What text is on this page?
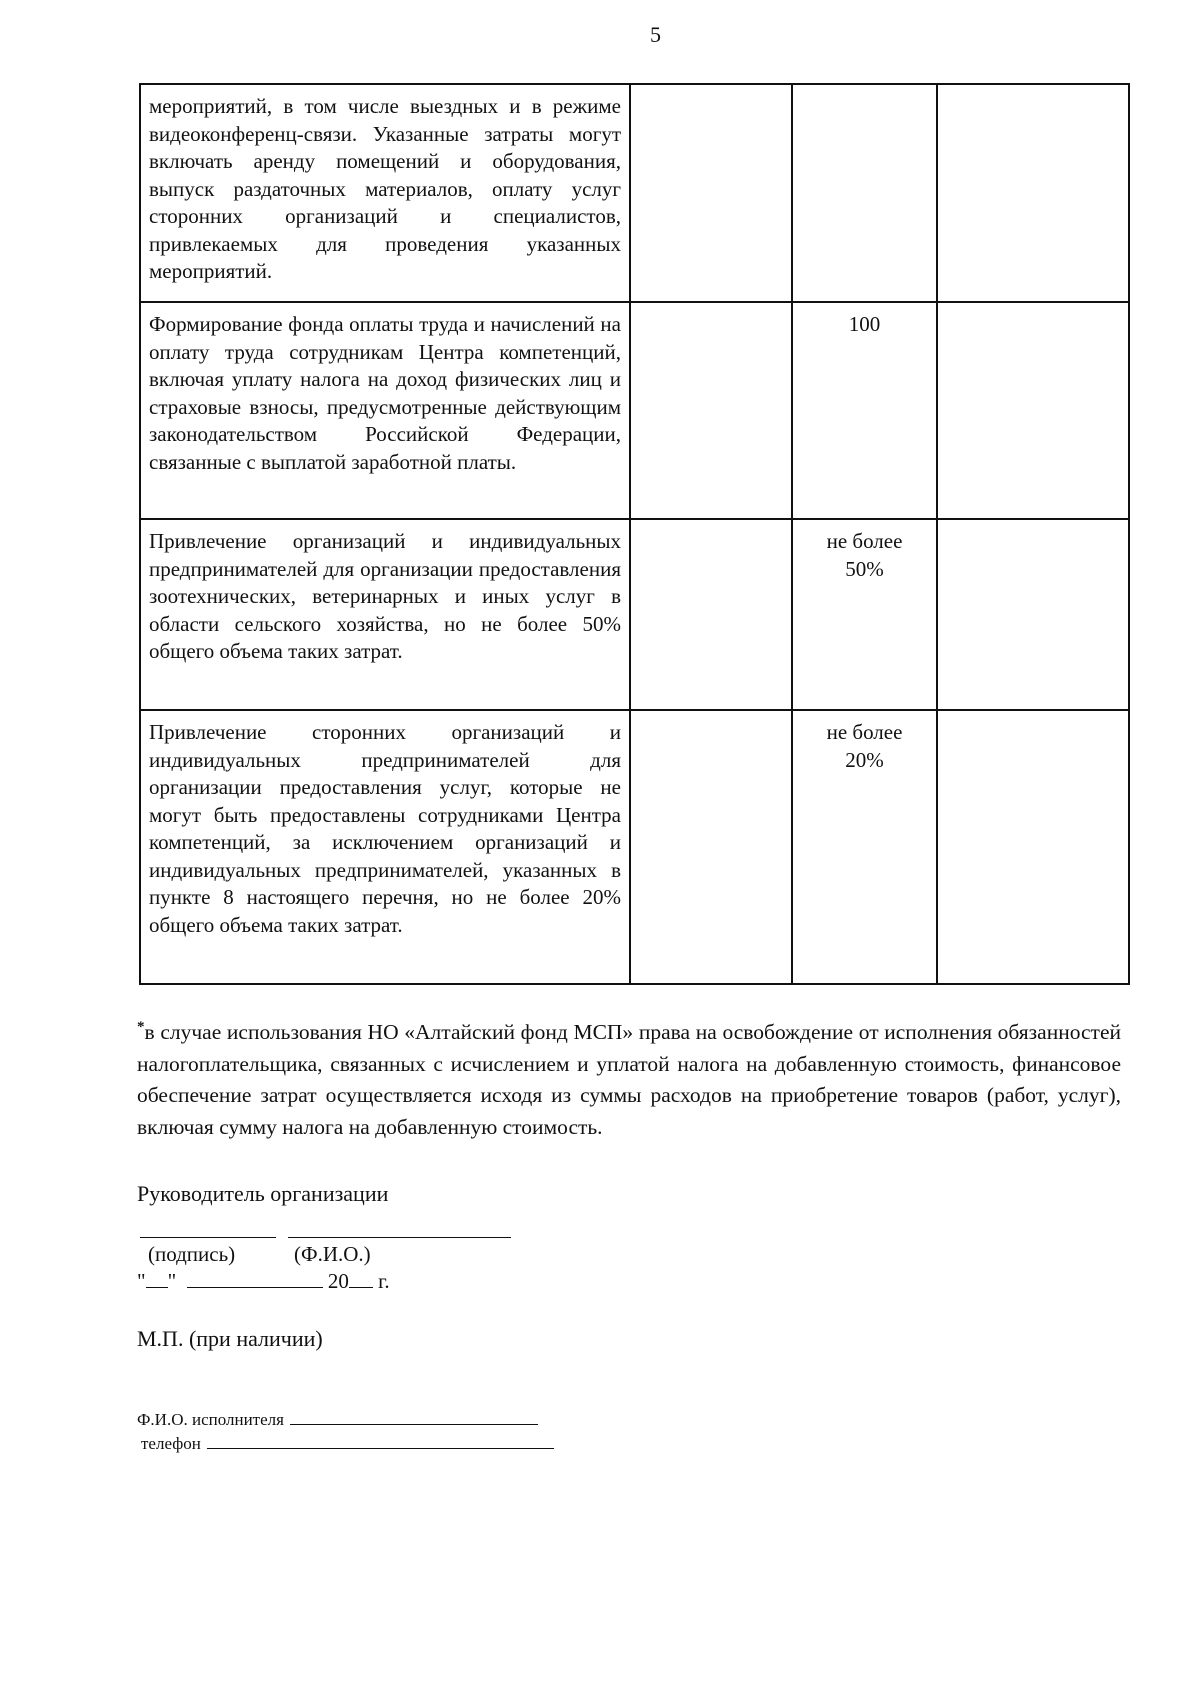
5
мероприятий, в том числе выездных и в режиме видеоконференц-связи. Указанные затраты могут включать аренду помещений и оборудования, выпуск раздаточных материалов, оплату услуг сторонних организаций и специалистов, привлекаемых для проведения указанных мероприятий.			
Формирование фонда оплаты труда и начислений на оплату труда сотрудникам Центра компетенций, включая уплату налога на доход физических лиц и страховые взносы, предусмотренные действующим законодательством Российской Федерации, связанные с выплатой заработной платы.		100	
Привлечение организаций и индивидуальных предпринимателей для организации предоставления зоотехнических, ветеринарных и иных услуг в области сельского хозяйства, но не более 50% общего объема таких затрат.		не более
50%	

Привлечение сторонних организаций и индивидуальных предпринимателей для организации предоставления услуг, которые не могут быть предоставлены сотрудниками Центра компетенций, за исключением организаций и индивидуальных предпринимателей, указанных в пункте 8 настоящего перечня, но не более 20% общего объема таких затрат.		не более
20%	

*в случае использования НО «Алтайский фонд МСП» права на освобождение от исполнения обязанностей налогоплательщика, связанных с исчислением и уплатой налога на добавленную стоимость, финансовое обеспечение затрат осуществляется исходя из суммы расходов на приобретение товаров (работ, услуг), включая сумму налога на добавленную стоимость.
Руководитель организации
(подпись)	(Ф.И.О.)
" "	20 г.
М.П. (при наличии)
Ф.И.О. исполнителя
телефон
